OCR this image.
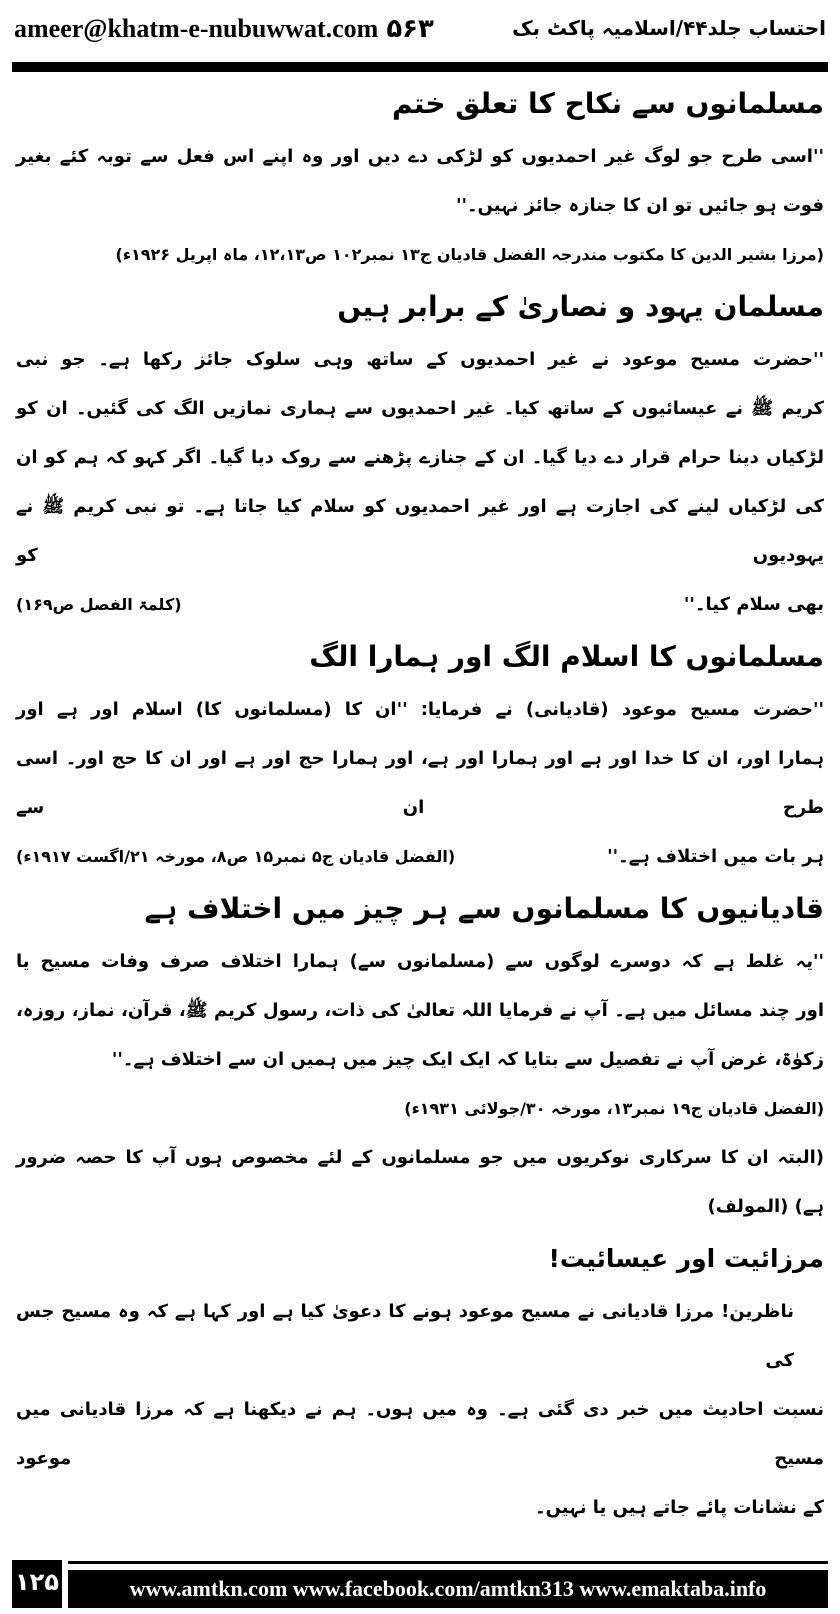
ameer@khatm-e-nubuwwat.com ۵۶۳	احتساب جلد۴۴/اسلامیہ پاکٹ بک
مسلمانوں سے نکاح کا تعلق ختم
''اسی طرح جو لوگ غیر احمدیوں کو لڑکی دے دیں اور وہ اپنے اس فعل سے توبہ کئے بغیر
فوت ہو جائیں تو ان کا جنازہ جائز نہیں۔''
(مرزا بشیر الدین کا مکتوب مندرجہ الفضل قادیان ج۱۳ نمبر۱۰۲ ص۱۲،۱۳، ماہ اپریل ۱۹۲۶ء)
مسلمان یہود و نصاریٰ کے برابر ہیں
''حضرت مسیح موعود نے غیر احمدیوں کے ساتھ وہی سلوک جائز رکھا ہے۔ جو نبی
کریم ﷺ نے عیسائیوں کے ساتھ کیا۔ غیر احمدیوں سے ہماری نمازیں الگ کی گئیں۔ ان کو
لڑکیاں دینا حرام قرار دے دیا گیا۔ ان کے جنازے پڑھنے سے روک دیا گیا۔ اگر کہو کہ ہم کو ان
کی لڑکیاں لینے کی اجازت ہے اور غیر احمدیوں کو سلام کیا جاتا ہے۔ تو نبی کریم ﷺ نے یہودیوں کو
بھی سلام کیا۔''
(کلمۃ الفصل ص۱۶۹)
مسلمانوں کا اسلام الگ اور ہمارا الگ
''حضرت مسیح موعود (قادیانی) نے فرمایا: ''ان کا (مسلمانوں کا) اسلام اور ہے اور
ہمارا اور، ان کا خدا اور ہے اور ہمارا اور ہے، اور ہمارا حج اور ہے اور ان کا حج اور۔ اسی طرح ان سے
ہر بات میں اختلاف ہے۔''
(الفضل قادیان ج۵ نمبر۱۵ ص۸، مورخہ ۲۱/اگست ۱۹۱۷ء)
قادیانیوں کا مسلمانوں سے ہر چیز میں اختلاف ہے
''یہ غلط ہے کہ دوسرے لوگوں سے (مسلمانوں سے) ہمارا اختلاف صرف وفات مسیح یا
اور چند مسائل میں ہے۔ آپ نے فرمایا اللہ تعالیٰ کی ذات، رسول کریم ﷺ، قرآن، نماز، روزہ،
زکوٰۃ، غرض آپ نے تفصیل سے بتایا کہ ایک ایک چیز میں ہمیں ان سے اختلاف ہے۔''
(الفضل قادیان ج۱۹ نمبر۱۳، مورخہ ۳۰/جولائی ۱۹۳۱ء)
(البتہ ان کا سرکاری نوکریوں میں جو مسلمانوں کے لئے مخصوص ہوں آپ کا حصہ ضرور
ہے) (المولف)
مرزائیت اور عیسائیت!
ناظرین! مرزا قادیانی نے مسیح موعود ہونے کا دعویٰ کیا ہے اور کہا ہے کہ وہ مسیح جس کی
نسبت احادیث میں خبر دی گئی ہے۔ وہ میں ہوں۔ ہم نے دیکھنا ہے کہ مرزا قادیانی میں مسیح موعود
کے نشانات پائے جاتے ہیں یا نہیں۔
۱۲۵	www.amtkn.com www.facebook.com/amtkn313 www.emaktaba.info
